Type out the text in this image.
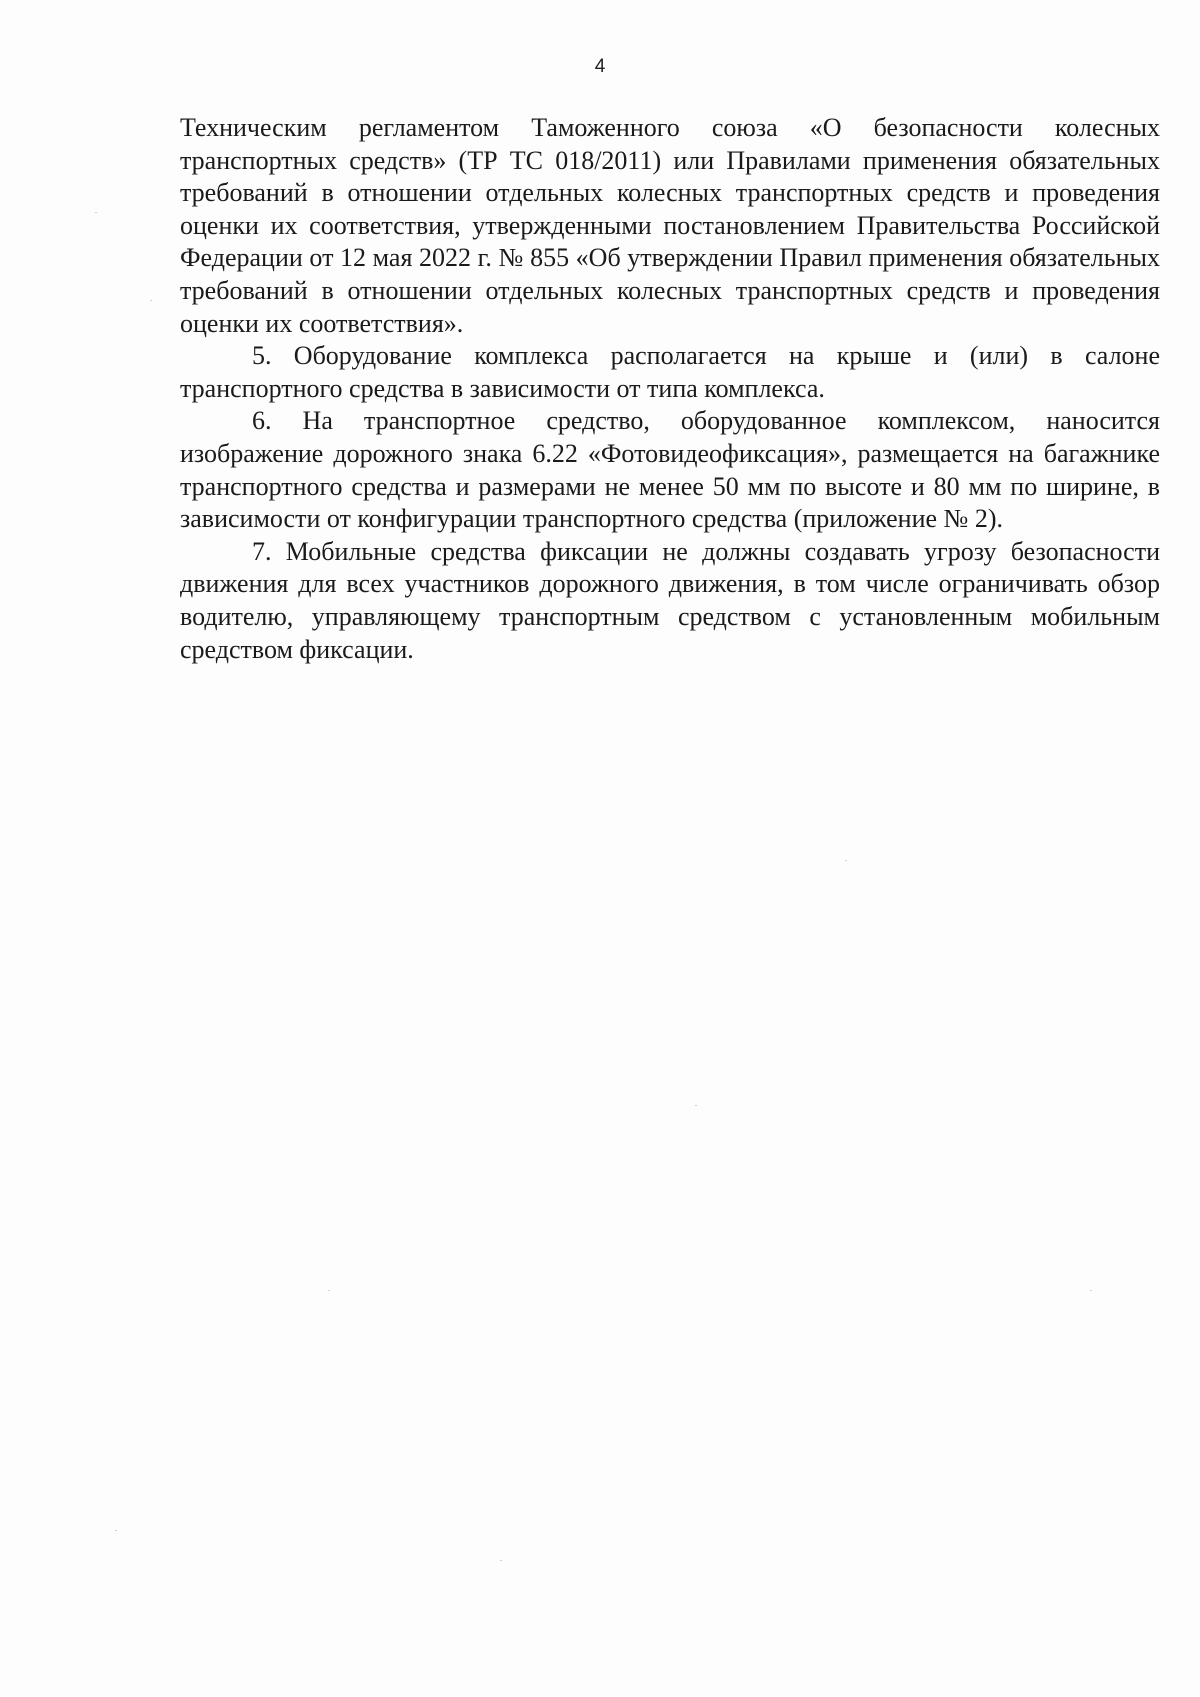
4

Техническим регламентом Таможенного союза «О безопасности колесных транспортных средств» (ТР ТС 018/2011) или Правилами применения обязательных требований в отношении отдельных колесных транспортных средств и проведения оценки их соответствия, утвержденными постановлением Правительства Российской Федерации от 12 мая 2022 г. № 855 «Об утверждении Правил применения обязательных требований в отношении отдельных колесных транспортных средств и проведения оценки их соответствия».

5. Оборудование комплекса располагается на крыше и (или) в салоне транспортного средства в зависимости от типа комплекса.

6. На транспортное средство, оборудованное комплексом, наносится изображение дорожного знака 6.22 «Фотовидеофиксация», размещается на багажнике транспортного средства и размерами не менее 50 мм по высоте и 80 мм по ширине, в зависимости от конфигурации транспортного средства (приложение № 2).

7. Мобильные средства фиксации не должны создавать угрозу безопасности движения для всех участников дорожного движения, в том числе ограничивать обзор водителю, управляющему транспортным средством с установленным мобильным средством фиксации.
